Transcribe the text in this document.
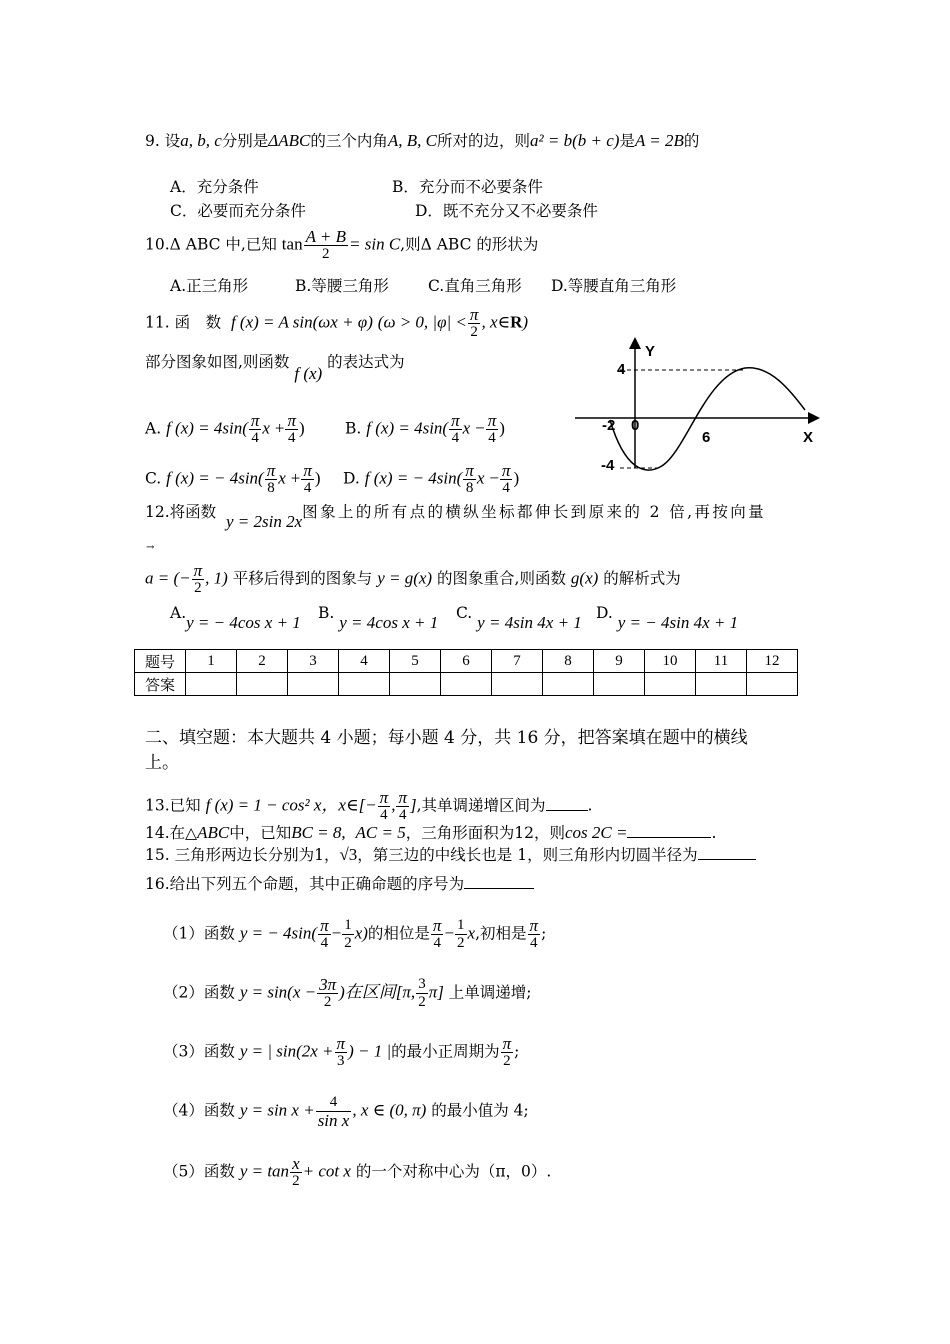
9. 设a, b, c分别是ΔABC的三个内角A, B, C所对的边，则a² = b(b + c)是A = 2B的
A．充分条件	B．充分而不必要条件
C．必要而充分条件	D．既不充分又不必要条件
10.Δ ABC 中,已知 $\tan \frac{A + B}{2} = \sin C$,则Δ ABC 的形状为
A.正三角形	B.等腰三角形	C.直角三角形 D.等腰直角三角形
11. 函　数 f (x) = A sin(ωx + φ) (ω > 0, $|\varphi| < \frac{\pi}{2}$ , x∈R)
部分图象如图,则函数 f (x) 的表达式为
Y
X
4
-4
-2 0
6
A. f $(x) = 4\sin( \frac{\pi}{4}$ $x + \frac{\pi}{4}$ )	B. f $(x) = 4\sin( \frac{\pi}{4}$ $x - \frac{\pi}{4}$ )
C. f (x) = − $4\sin( \frac{\pi}{8}$ $x + \frac{\pi}{4}$ ) D. f (x) = − $4\sin( \frac{\pi}{8}$ $x - \frac{\pi}{4}$ )
12.将函数 y = 2sin 2x图象上的所有点的横纵坐标都伸长到原来的 2 倍,再按向量
→
a = (− $\frac{\pi}{2}$ , 1) 平移后得到的图象与 y = g(x) 的图象重合,则函数 g(x) 的解析式为
A.y = − 4cos x + 1 B. y = 4cos x + 1 C. y = 4sin 4x + 1 D. y = − 4sin 4x + 1
题号	1	2	3	4	5	6	7	8	9	10	11	12
答案												
二、填空题：本大题共 4 小题；每小题 4 分，共 16 分，把答案填在题中的横线
上。
13.已知 f (x) = 1 − cos² x，x∈[− $\frac{\pi}{4}$ , $\frac{\pi}{4}$ ],其单调递增区间为	.
14.在△ABC中，已知BC = 8, AC = 5，三角形面积为12，则cos 2C =	.
15. 三角形两边长分别为1，√3，第三边的中线长也是 1，则三角形内切圆半径为
16.给出下列五个命题，其中正确命题的序号为
（1）函数 y = − $4\sin( \frac{\pi}{4} - \frac{1}{2} x)$的相位是 $\frac{\pi}{4} - \frac{1}{2} x$,初相是 $\frac{\pi}{4}$ ;
（2）函数 $y = \sin(x - \frac{3\pi}{2}$ )在区间[π, $\frac{3}{2} \pi$] 上单调递增;
（3）函数 y = | $\sin(2x + \frac{\pi}{3}$ ) − 1 |的最小正周期为 $\frac{\pi}{2}$ ;
（4）函数 $y = \sin x + \frac{4}{\text{sin x}}$ , x ∈ (0, π) 的最小值为 4;
（5）函数 $y = \tan \frac{x}{2} + \cot x$ 的一个对称中心为（π，0）.
